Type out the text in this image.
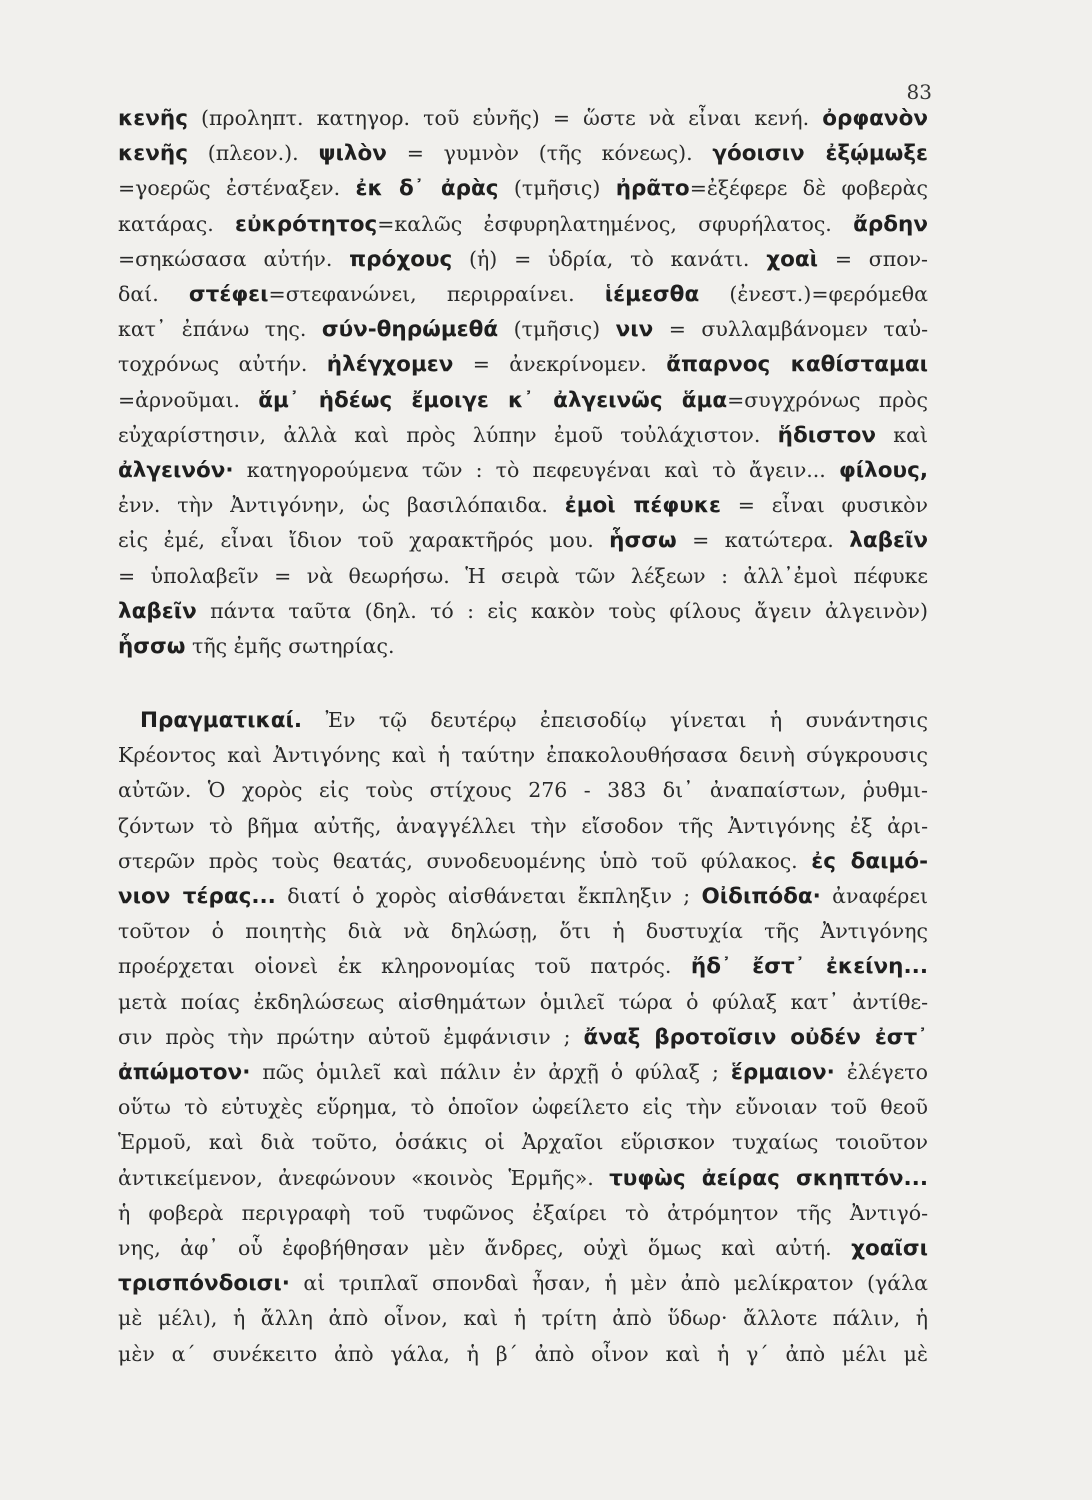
83
κενῆς (προληπτ. κατηγορ. τοῦ εὐνῆς) = ὥστε νὰ εἶναι κενή. ὀρφανὸν
κενῆς (πλεον.). ψιλὸν = γυμνὸν (τῆς κόνεως). γόοισιν ἐξῴμωξε
=γοερῶς ἐστέναξεν. ἐκ δ᾽ ἀρὰς (τμῆσις) ἠρᾶτο=ἐξέφερε δὲ φοβερὰς
κατάρας. εὐκρότητος=καλῶς ἐσφυρηλατημένος, σφυρήλατος. ἄρδην
=σηκώσασα αὐτήν. πρόχους (ἡ) = ὑδρία, τὸ κανάτι. χοαὶ = σπον-
δαί. στέφει=στεφανώνει, περιρραίνει. ἱέμεσθα (ἐνεστ.)=φερόμεθα
κατ᾽ ἐπάνω της. σύν-θηρώμεθά (τμῆσις) νιν = συλλαμβάνομεν ταὐ-
τοχρόνως αὐτήν. ἠλέγχομεν = ἀνεκρίνομεν. ἄπαρνος καθίσταμαι
=ἀρνοῦμαι. ἅμ᾽ ἡδέως ἔμοιγε κ᾽ ἀλγεινῶς ἅμα=συγχρόνως πρὸς
εὐχαρίστησιν, ἀλλὰ καὶ πρὸς λύπην ἐμοῦ τοὐλάχιστον. ἥδιστον καὶ
ἀλγεινόν· κατηγορούμενα τῶν : τὸ πεφευγέναι καὶ τὸ ἄγειν... φίλους,
ἐνν. τὴν Ἀντιγόνην, ὡς βασιλόπαιδα. ἐμοὶ πέφυκε = εἶναι φυσικὸν
εἰς ἐμέ, εἶναι ἴδιον τοῦ χαρακτῆρός μου. ἧσσω = κατώτερα. λαβεῖν
= ὑπολαβεῖν = νὰ θεωρήσω. Ἡ σειρὰ τῶν λέξεων : ἀλλ᾽ἐμοὶ πέφυκε
λαβεῖν πάντα ταῦτα (δηλ. τό : εἰς κακὸν τοὺς φίλους ἄγειν ἀλγεινὸν)
ἧσσω τῆς ἐμῆς σωτηρίας.
Πραγματικαί. Ἐν τῷ δευτέρῳ ἐπεισοδίῳ γίνεται ἡ συνάντησις
Κρέοντος καὶ Ἀντιγόνης καὶ ἡ ταύτην ἐπακολουθήσασα δεινὴ σύγκρουσις
αὐτῶν. Ὁ χορὸς εἰς τοὺς στίχους 276 - 383 δι᾽ ἀναπαίστων, ῥυθμι-
ζόντων τὸ βῆμα αὐτῆς, ἀναγγέλλει τὴν εἴσοδον τῆς Ἀντιγόνης ἐξ ἀρι-
στερῶν πρὸς τοὺς θεατάς, συνοδευομένης ὑπὸ τοῦ φύλακος. ἐς δαιμό-
νιον τέρας... διατί ὁ χορὸς αἰσθάνεται ἔκπληξιν ; Οἰδιπόδα· ἀναφέρει
τοῦτον ὁ ποιητὴς διὰ νὰ δηλώσῃ, ὅτι ἡ δυστυχία τῆς Ἀντιγόνης
προέρχεται οἱονεὶ ἐκ κληρονομίας τοῦ πατρός. ἤδ᾽ ἔστ᾽ ἐκείνη...
μετὰ ποίας ἐκδηλώσεως αἰσθημάτων ὁμιλεῖ τώρα ὁ φύλαξ κατ᾽ ἀντίθε-
σιν πρὸς τὴν πρώτην αὐτοῦ ἐμφάνισιν ; ἄναξ βροτοῖσιν οὐδέν ἐστ᾽
ἀπώμοτον· πῶς ὁμιλεῖ καὶ πάλιν ἐν ἀρχῇ ὁ φύλαξ ; ἕρμαιον· ἐλέγετο
οὕτω τὸ εὐτυχὲς εὕρημα, τὸ ὁποῖον ὠφείλετο εἰς τὴν εὔνοιαν τοῦ θεοῦ
Ἑρμοῦ, καὶ διὰ τοῦτο, ὁσάκις οἱ Ἀρχαῖοι εὕρισκον τυχαίως τοιοῦτον
ἀντικείμενον, ἀνεφώνουν «κοινὸς Ἑρμῆς». τυφὼς ἀείρας σκηπτόν...
ἡ φοβερὰ περιγραφὴ τοῦ τυφῶνος ἐξαίρει τὸ ἀτρόμητον τῆς Ἀντιγό-
νης, ἀφ᾽ οὗ ἐφοβήθησαν μὲν ἄνδρες, οὐχὶ ὅμως καὶ αὐτή. χοαῖσι
τρισπόνδοισι· αἱ τριπλαῖ σπονδαὶ ἦσαν, ἡ μὲν ἀπὸ μελίκρατον (γάλα
μὲ μέλι), ἡ ἄλλη ἀπὸ οἶνον, καὶ ἡ τρίτη ἀπὸ ὕδωρ· ἄλλοτε πάλιν, ἡ
μὲν α΄ συνέκειτο ἀπὸ γάλα, ἡ β΄ ἀπὸ οἶνον καὶ ἡ γ΄ ἀπὸ μέλι μὲ
